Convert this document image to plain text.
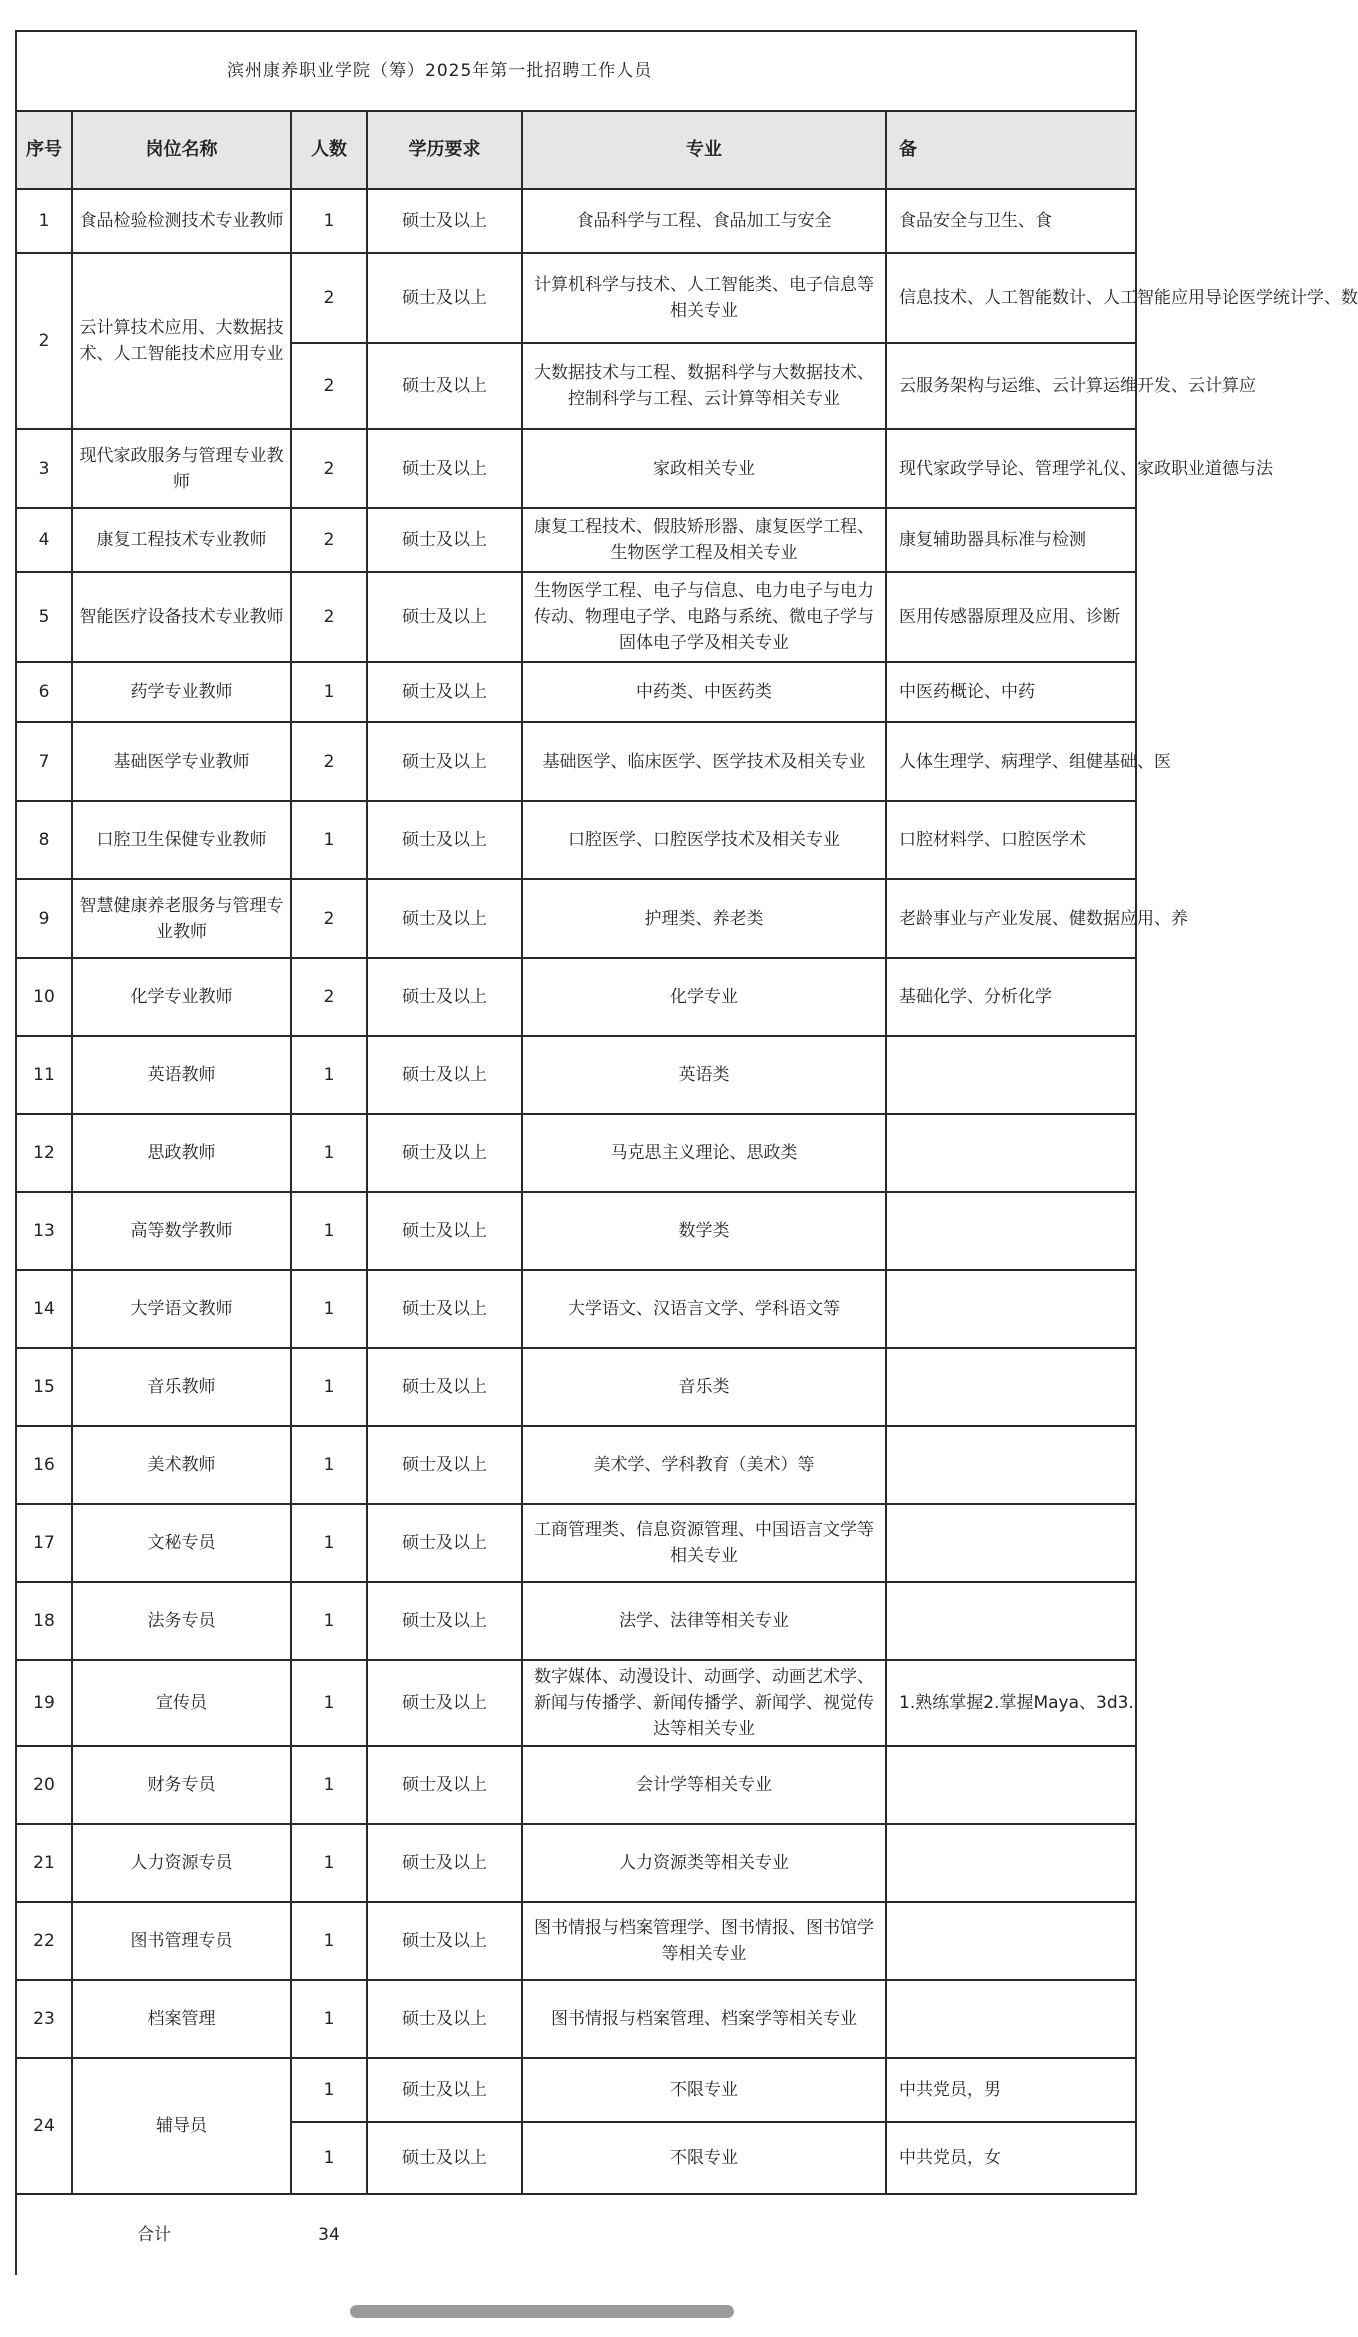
滨州康养职业学院（筹）2025年第一批招聘工作人员					
序号	岗位名称	人数	学历要求	专业	备
1	食品检验检测技术专业教师	1	硕士及以上	食品科学与工程、食品加工与安全	食品安全与卫生、食
2	云计算技术应用、大数据技术、人工智能技术应用专业	2	硕士及以上	计算机科学与技术、人工智能类、电子信息等相关专业	信息技术、人工智能数计、人工智能应用导论医学统计学、数
		2	硕士及以上	大数据技术与工程、数据科学与大数据技术、控制科学与工程、云计算等相关专业	云服务架构与运维、云计算运维开发、云计算应
3	现代家政服务与管理专业教师	2	硕士及以上	家政相关专业	现代家政学导论、管理学礼仪、家政职业道德与法
4	康复工程技术专业教师	2	硕士及以上	康复工程技术、假肢矫形器、康复医学工程、生物医学工程及相关专业	康复辅助器具标准与检测
5	智能医疗设备技术专业教师	2	硕士及以上	生物医学工程、电子与信息、电力电子与电力传动、物理电子学、电路与系统、微电子学与固体电子学及相关专业	医用传感器原理及应用、诊断
6	药学专业教师	1	硕士及以上	中药类、中医药类	中医药概论、中药
7	基础医学专业教师	2	硕士及以上	基础医学、临床医学、医学技术及相关专业	人体生理学、病理学、组健基础、医
8	口腔卫生保健专业教师	1	硕士及以上	口腔医学、口腔医学技术及相关专业	口腔材料学、口腔医学术
9	智慧健康养老服务与管理专业教师	2	硕士及以上	护理类、养老类	老龄事业与产业发展、健数据应用、养
10	化学专业教师	2	硕士及以上	化学专业	基础化学、分析化学
11	英语教师	1	硕士及以上	英语类	
12	思政教师	1	硕士及以上	马克思主义理论、思政类	
13	高等数学教师	1	硕士及以上	数学类	
14	大学语文教师	1	硕士及以上	大学语文、汉语言文学、学科语文等	
15	音乐教师	1	硕士及以上	音乐类	
16	美术教师	1	硕士及以上	美术学、学科教育（美术）等	
17	文秘专员	1	硕士及以上	工商管理类、信息资源管理、中国语言文学等相关专业	
18	法务专员	1	硕士及以上	法学、法律等相关专业	
19	宣传员	1	硕士及以上	数字媒体、动漫设计、动画学、动画艺术学、新闻与传播学、新闻传播学、新闻学、视觉传达等相关专业	1.熟练掌握2.掌握Maya、3d3.
20	财务专员	1	硕士及以上	会计学等相关专业	
21	人力资源专员	1	硕士及以上	人力资源类等相关专业	
22	图书管理专员	1	硕士及以上	图书情报与档案管理学、图书情报、图书馆学等相关专业	
23	档案管理	1	硕士及以上	图书情报与档案管理、档案学等相关专业	
24	辅导员	1	硕士及以上	不限专业	中共党员，男
		1	硕士及以上	不限专业	中共党员，女
合计		34			
